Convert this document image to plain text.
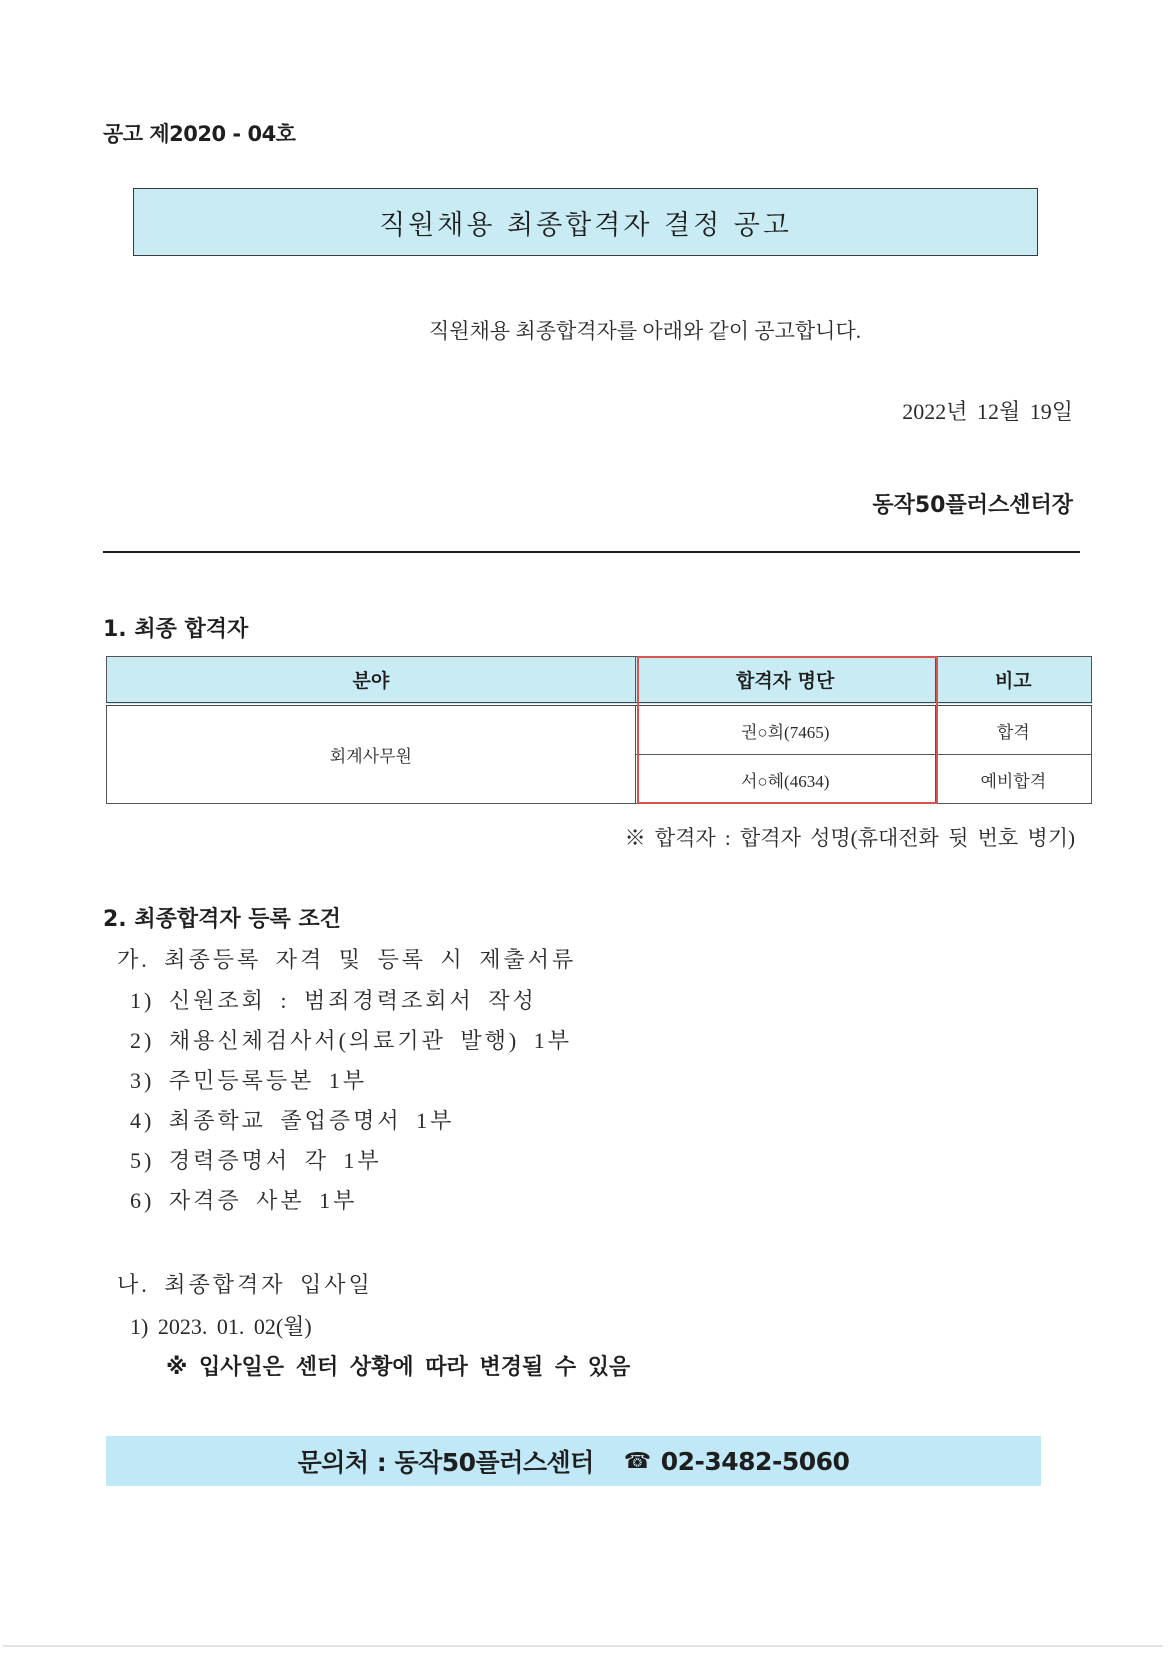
공고 제2020 - 04호
직원채용 최종합격자 결정 공고
직원채용 최종합격자를 아래와 같이 공고합니다.
2022년 12월 19일
동작50플러스센터장
1. 최종 합격자
분야	합격자 명단	비고
회계사무원	권○희(7465)	합격
	서○혜(4634)	예비합격
※ 합격자 : 합격자 성명(휴대전화 뒷 번호 병기)
2. 최종합격자 등록 조건
가. 최종등록 자격 및 등록 시 제출서류
1) 신원조회 : 범죄경력조회서 작성
2) 채용신체검사서(의료기관 발행) 1부
3) 주민등록등본 1부
4) 최종학교 졸업증명서 1부
5) 경력증명서 각 1부
6) 자격증 사본 1부
나. 최종합격자 입사일
1) 2023. 01. 02(월)
※ 입사일은 센터 상황에 따라 변경될 수 있음
문의처 : 동작50플러스센터 ☎ 02-3482-5060
